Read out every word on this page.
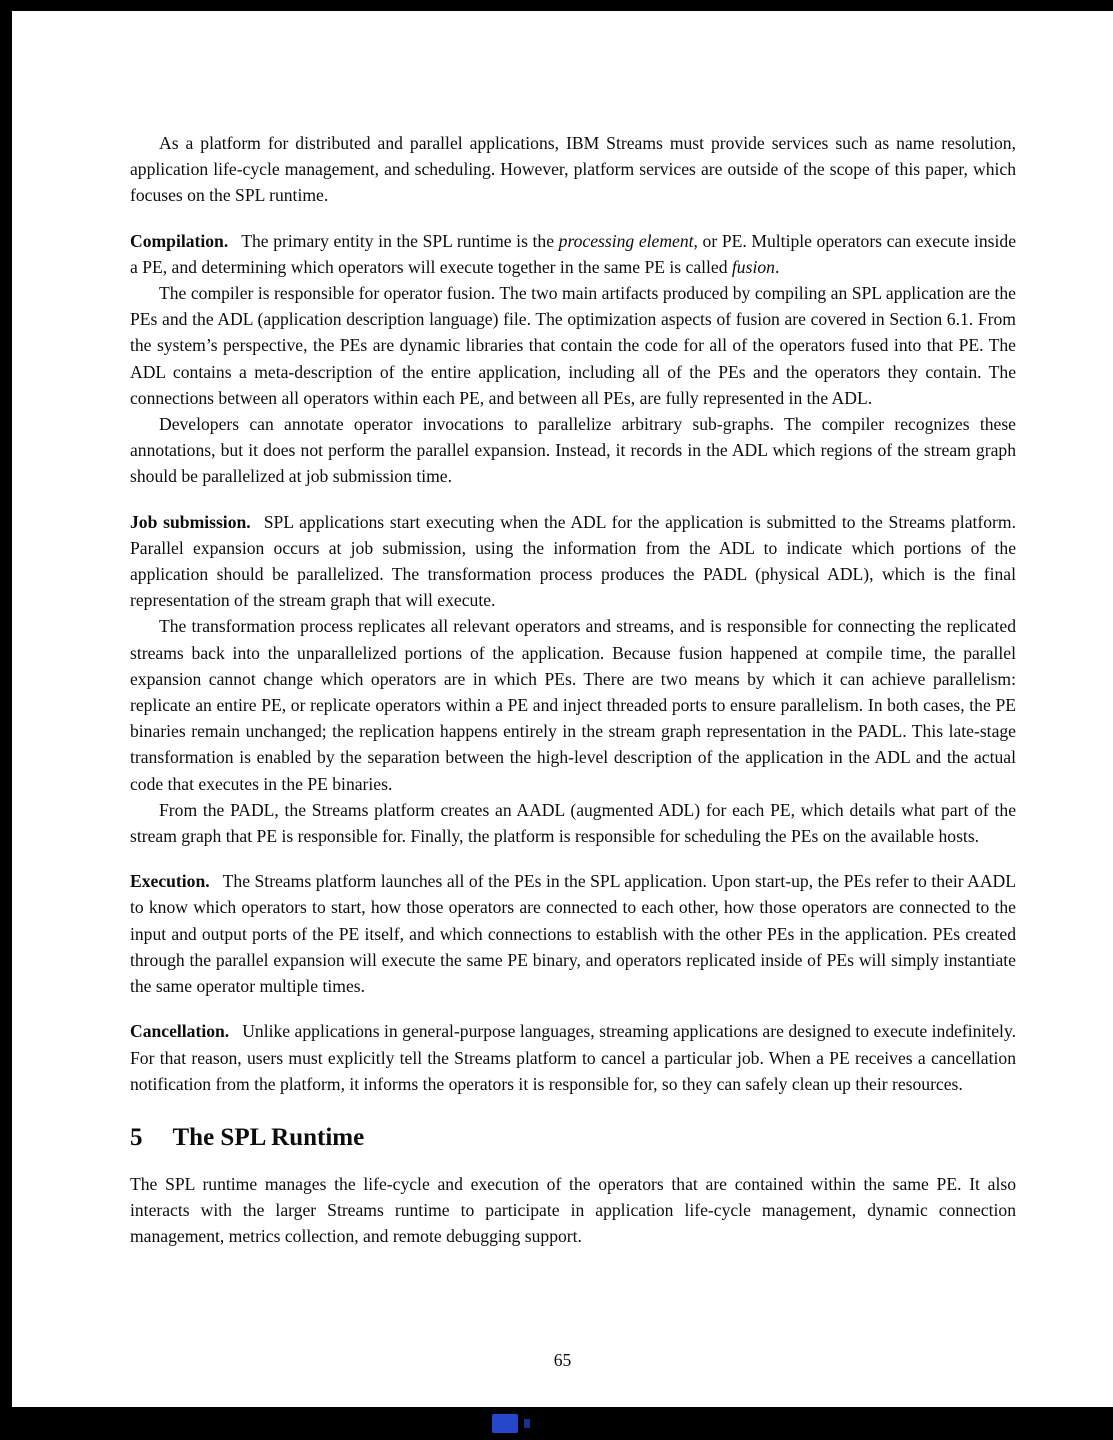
As a platform for distributed and parallel applications, IBM Streams must provide services such as name resolution, application life-cycle management, and scheduling. However, platform services are outside of the scope of this paper, which focuses on the SPL runtime.

Compilation. The primary entity in the SPL runtime is the processing element, or PE. Multiple operators can execute inside a PE, and determining which operators will execute together in the same PE is called fusion.

The compiler is responsible for operator fusion. The two main artifacts produced by compiling an SPL application are the PEs and the ADL (application description language) file. The optimization aspects of fusion are covered in Section 6.1. From the system’s perspective, the PEs are dynamic libraries that contain the code for all of the operators fused into that PE. The ADL contains a meta-description of the entire application, including all of the PEs and the operators they contain. The connections between all operators within each PE, and between all PEs, are fully represented in the ADL.

Developers can annotate operator invocations to parallelize arbitrary sub-graphs. The compiler recognizes these annotations, but it does not perform the parallel expansion. Instead, it records in the ADL which regions of the stream graph should be parallelized at job submission time.

Job submission. SPL applications start executing when the ADL for the application is submitted to the Streams platform. Parallel expansion occurs at job submission, using the information from the ADL to indicate which portions of the application should be parallelized. The transformation process produces the PADL (physical ADL), which is the final representation of the stream graph that will execute.

The transformation process replicates all relevant operators and streams, and is responsible for connecting the replicated streams back into the unparallelized portions of the application. Because fusion happened at compile time, the parallel expansion cannot change which operators are in which PEs. There are two means by which it can achieve parallelism: replicate an entire PE, or replicate operators within a PE and inject threaded ports to ensure parallelism. In both cases, the PE binaries remain unchanged; the replication happens entirely in the stream graph representation in the PADL. This late-stage transformation is enabled by the separation between the high-level description of the application in the ADL and the actual code that executes in the PE binaries.

From the PADL, the Streams platform creates an AADL (augmented ADL) for each PE, which details what part of the stream graph that PE is responsible for. Finally, the platform is responsible for scheduling the PEs on the available hosts.

Execution. The Streams platform launches all of the PEs in the SPL application. Upon start-up, the PEs refer to their AADL to know which operators to start, how those operators are connected to each other, how those operators are connected to the input and output ports of the PE itself, and which connections to establish with the other PEs in the application. PEs created through the parallel expansion will execute the same PE binary, and operators replicated inside of PEs will simply instantiate the same operator multiple times.

Cancellation. Unlike applications in general-purpose languages, streaming applications are designed to execute indefinitely. For that reason, users must explicitly tell the Streams platform to cancel a particular job. When a PE receives a cancellation notification from the platform, it informs the operators it is responsible for, so they can safely clean up their resources.

5 The SPL Runtime

The SPL runtime manages the life-cycle and execution of the operators that are contained within the same PE. It also interacts with the larger Streams runtime to participate in application life-cycle management, dynamic connection management, metrics collection, and remote debugging support.

65
